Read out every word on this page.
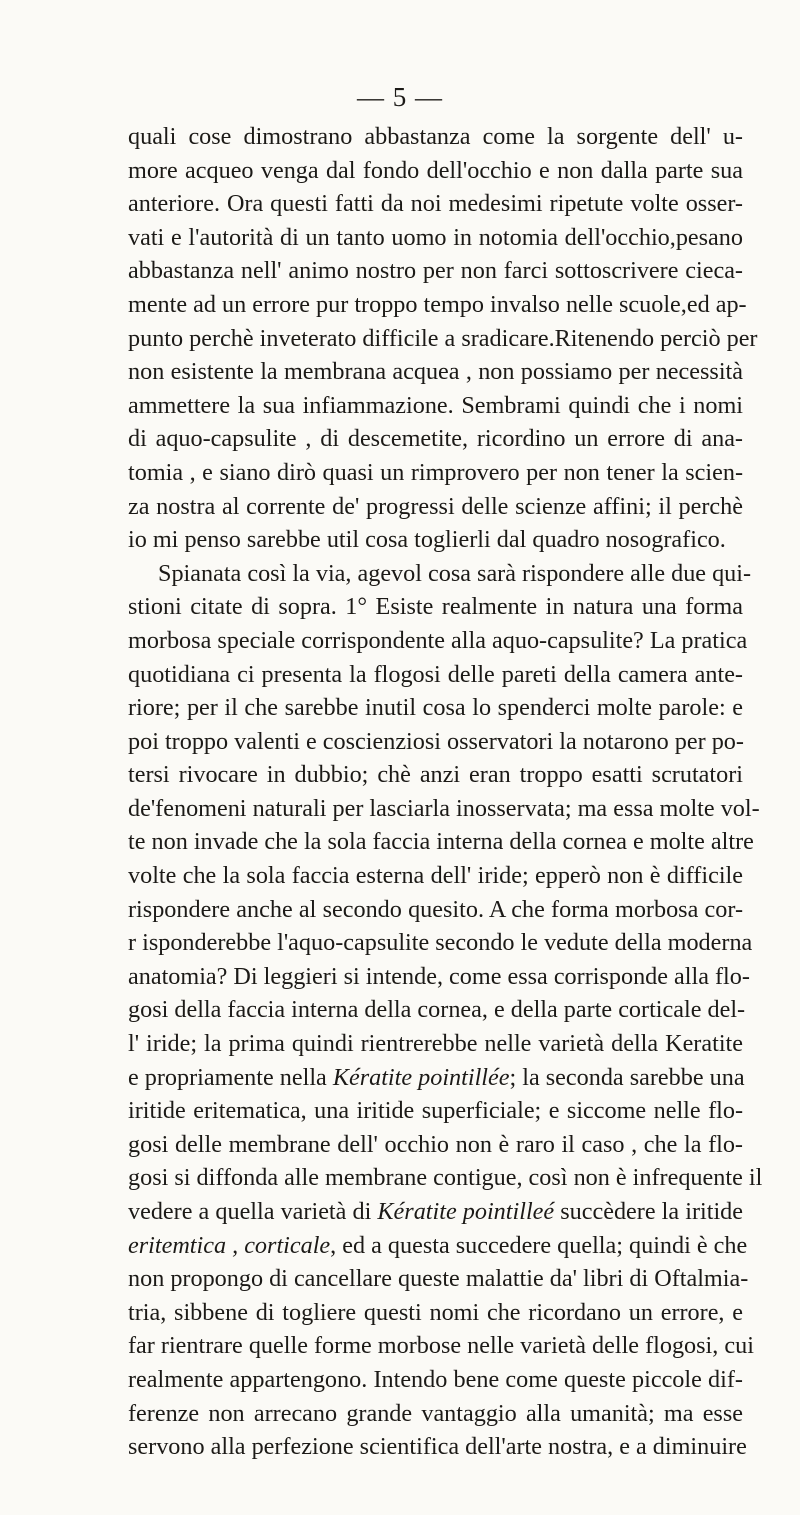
— 5 —
quali cose dimostrano abbastanza come la sorgente dell' u-
more acqueo venga dal fondo dell'occhio e non dalla parte sua
anteriore. Ora questi fatti da noi medesimi ripetute volte osser-
vati e l'autorità di un tanto uomo in notomia dell'occhio,pesano
abbastanza nell' animo nostro per non farci sottoscrivere cieca-
mente ad un errore pur troppo tempo invalso nelle scuole,ed ap-
punto perchè inveterato difficile a sradicare.Ritenendo perciò per
non esistente la membrana acquea , non possiamo per necessità
ammettere la sua infiammazione. Sembrami quindi che i nomi
di aquo-capsulite , di descemetite, ricordino un errore di ana-
tomia , e siano dirò quasi un rimprovero per non tener la scien-
za nostra al corrente de' progressi delle scienze affini; il perchè
io mi penso sarebbe util cosa toglierli dal quadro nosografico.
Spianata così la via, agevol cosa sarà rispondere alle due qui-
stioni citate di sopra. 1° Esiste realmente in natura una forma
morbosa speciale corrispondente alla aquo-capsulite? La pratica
quotidiana ci presenta la flogosi delle pareti della camera ante-
riore; per il che sarebbe inutil cosa lo spenderci molte parole: e
poi troppo valenti e coscienziosi osservatori la notarono per po-
tersi rivocare in dubbio; chè anzi eran troppo esatti scrutatori
de'fenomeni naturali per lasciarla inosservata; ma essa molte vol-
te non invade che la sola faccia interna della cornea e molte altre
volte che la sola faccia esterna dell' iride; epperò non è difficile
rispondere anche al secondo quesito. A che forma morbosa cor-
r isponderebbe l'aquo-capsulite secondo le vedute della moderna
anatomia? Di leggieri si intende, come essa corrisponde alla flo-
gosi della faccia interna della cornea, e della parte corticale del-
l' iride; la prima quindi rientrerebbe nelle varietà della Keratite
e propriamente nella Kératite pointillée; la seconda sarebbe una
iritide eritematica, una iritide superficiale; e siccome nelle flo-
gosi delle membrane dell' occhio non è raro il caso , che la flo-
gosi si diffonda alle membrane contigue, così non è infrequente il
vedere a quella varietà di Kératite pointilleé succèdere la iritide
eritemtica , corticale, ed a questa succedere quella; quindi è che
non propongo di cancellare queste malattie da' libri di Oftalmia-
tria, sibbene di togliere questi nomi che ricordano un errore, e
far rientrare quelle forme morbose nelle varietà delle flogosi, cui
realmente appartengono. Intendo bene come queste piccole dif-
ferenze non arrecano grande vantaggio alla umanità; ma esse
servono alla perfezione scientifica dell'arte nostra, e a diminuire
